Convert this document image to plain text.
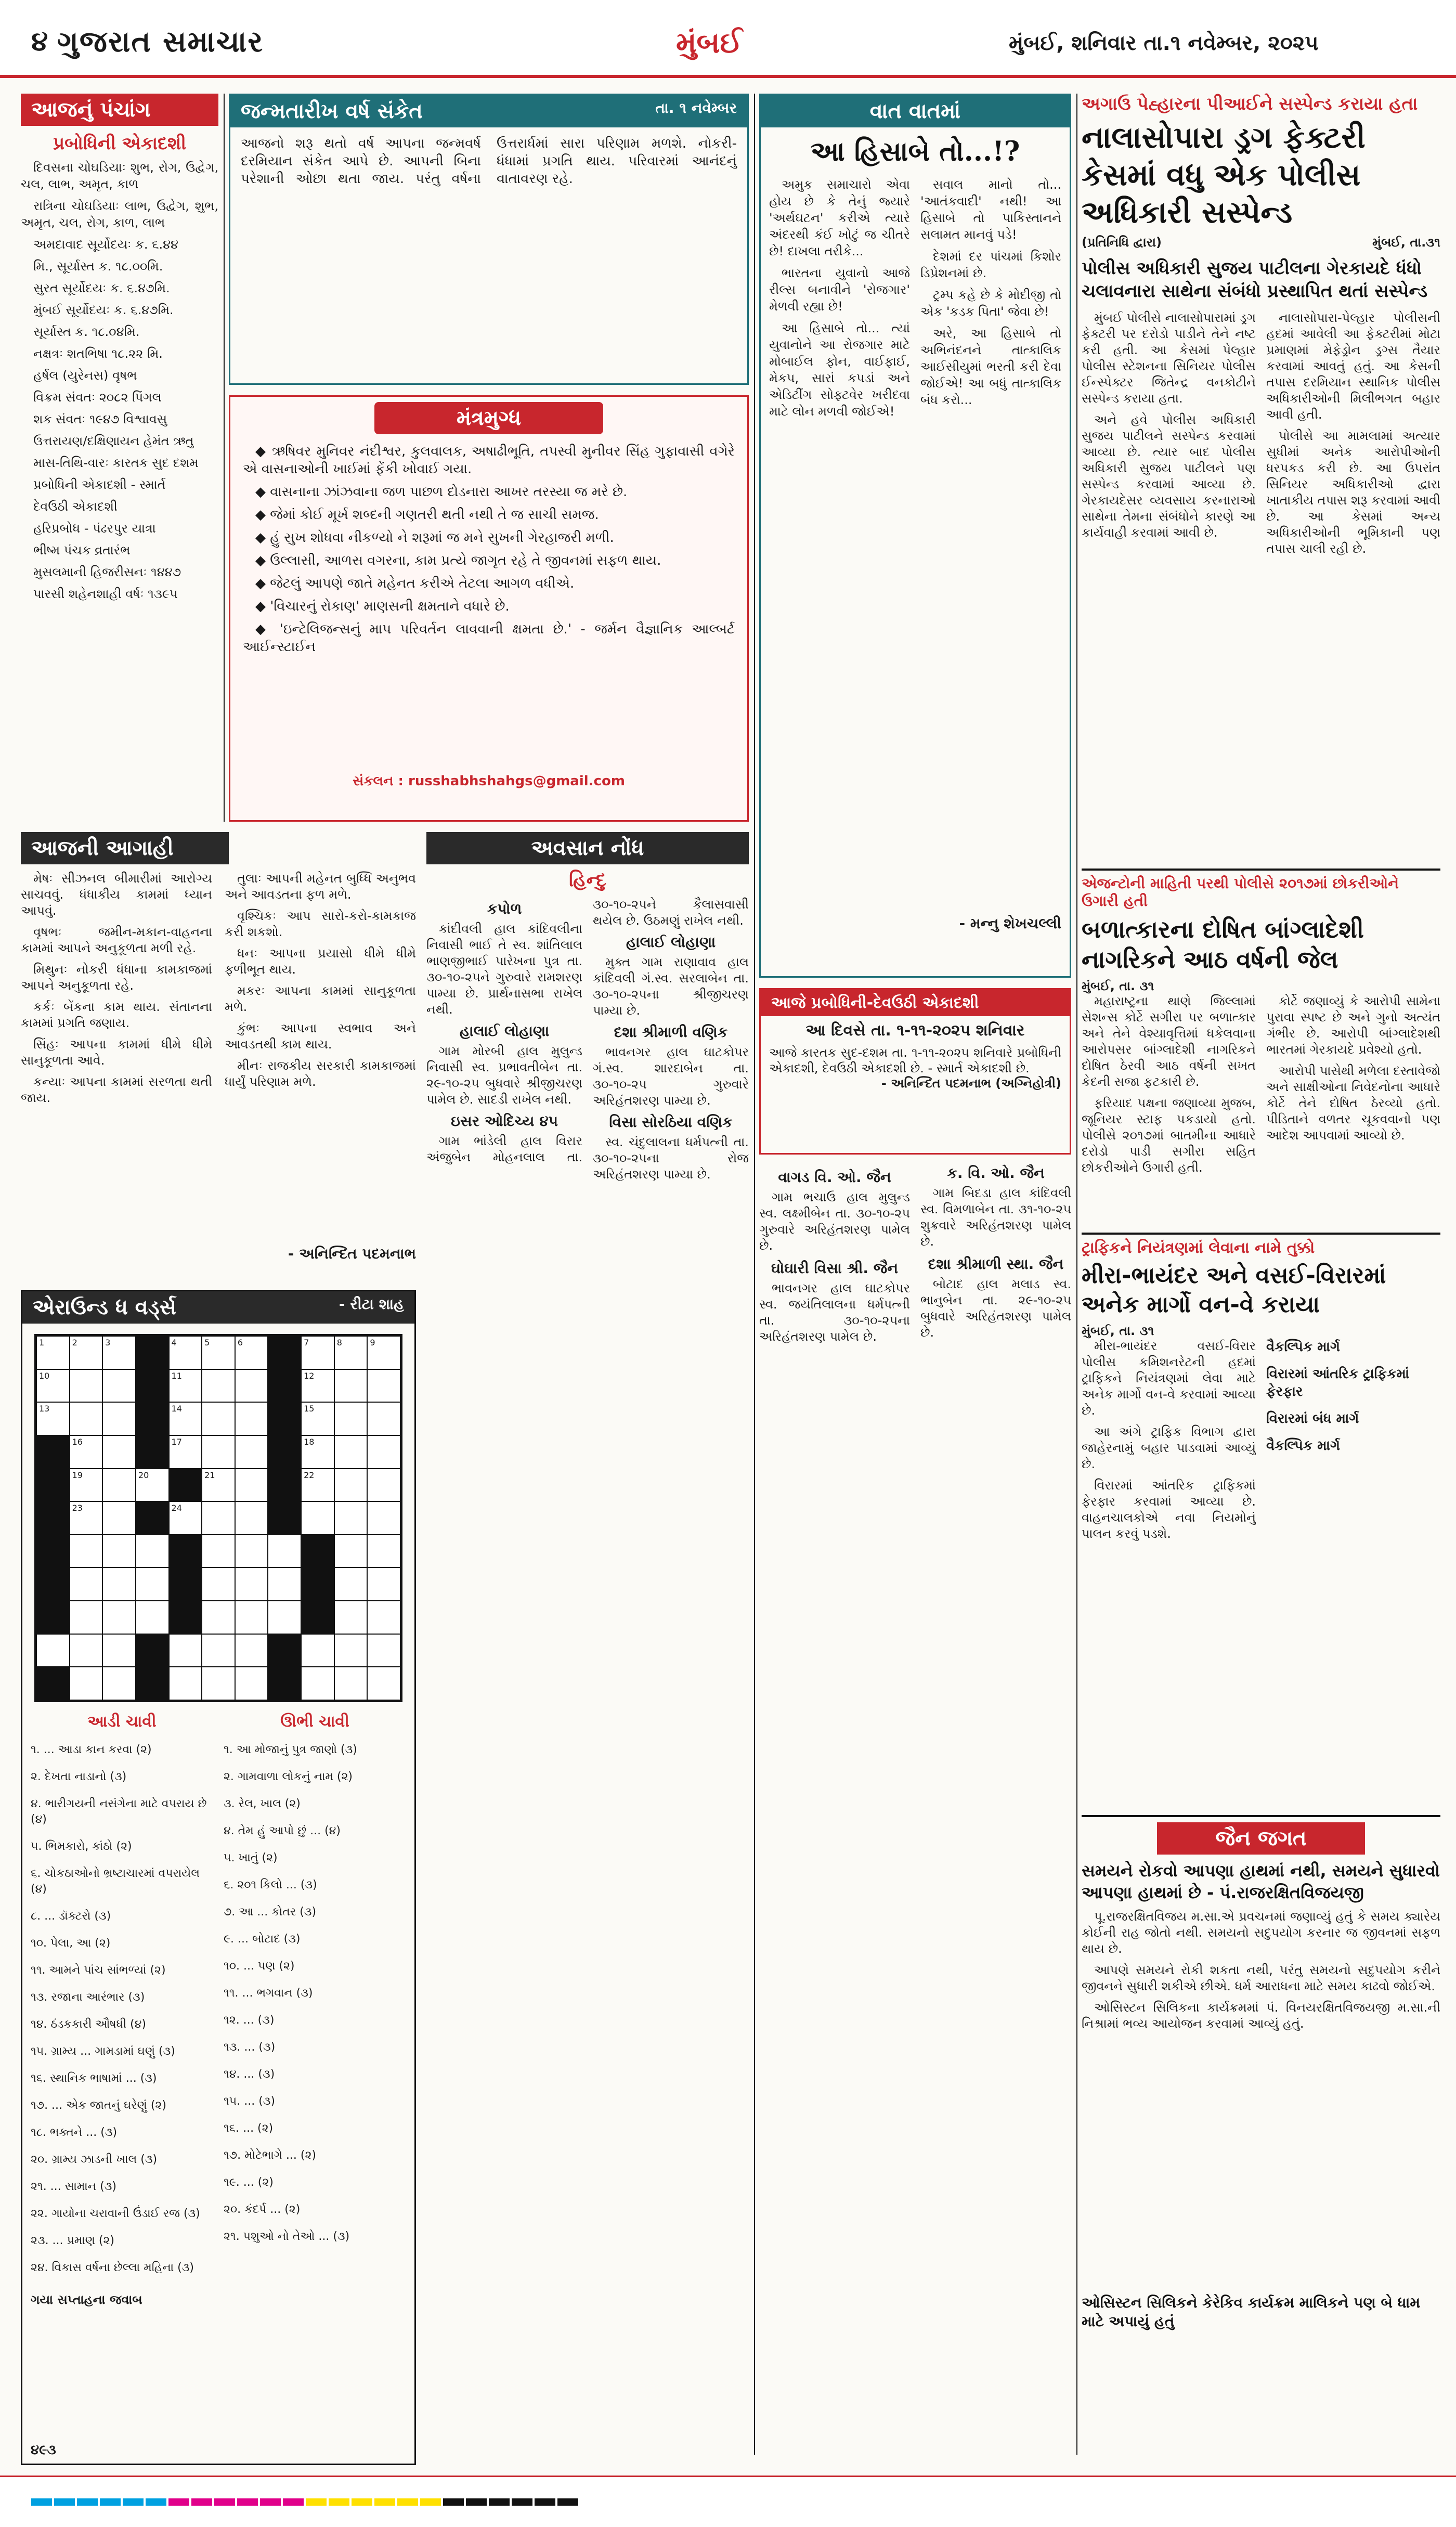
૪ ગુજરાત સમાચાર	મુંબઈ	મુંબઈ, શનિવાર તા.૧ નવેમ્બર, ૨૦૨૫
આજનું પંચાંગ
પ્રબોધિની એકાદશી

દિવસના ચોઘડિયાઃ શુભ, રોગ, ઉદ્વેગ, ચલ, લાભ, અમૃત, કાળ

રાત્રિના ચોઘડિયાઃ લાભ, ઉદ્વેગ, શુભ, અમૃત, ચલ, રોગ, કાળ, લાભ

અમદાવાદ સૂર્યોદયઃ ક. ૬.૪૪

મિ., સૂર્યાસ્ત ક. ૧૮.૦૦મિ.

સુરત સૂર્યોદયઃ ક. ૬.૪૭મિ.

મુંબઈ સૂર્યોદયઃ ક. ૬.૪૭મિ.

સૂર્યાસ્ત ક. ૧૮.૦૪મિ.

નક્ષત્રઃ શતભિષા ૧૮.૨૨ મિ.

હર્ષલ (યુરેનસ) વૃષભ

વિક્રમ સંવતઃ ૨૦૮૨ પિંગલ

શક સંવતઃ ૧૯૪૭ વિશ્વાવસુ

ઉત્તરાયણ/દક્ષિણાયન હેમંત ઋતુ

માસ-તિથિ-વારઃ કારતક સુદ દશમ

પ્રબોધિની એકાદશી - સ્માર્ત

દેવઉઠી એકાદશી

હરિપ્રબોધ - પંઢરપુર યાત્રા

ભીષ્મ પંચક વ્રતારંભ

મુસલમાની હિજરીસનઃ ૧૪૪૭

પારસી શહેનશાહી વર્ષઃ ૧૩૯૫

આજની આગાહી

મેષઃ સીઝનલ બીમારીમાં આરોગ્ય સાચવવું. ધંધાકીય કામમાં ધ્યાન આપવું.

વૃષભઃ જમીન-મકાન-વાહનના કામમાં આપને અનુકૂળતા મળી રહે.

મિથુનઃ નોકરી ધંધાના કામકાજમાં આપને અનુકૂળતા રહે.

કર્કઃ બેંકના કામ થાય. સંતાનના કામમાં પ્રગતિ જણાય.

સિંહઃ આપના કામમાં ધીમે ધીમે સાનુકૂળતા આવે.

કન્યાઃ આપના કામમાં સરળતા થતી જાય.

તુલાઃ આપની મહેનત બુધ્ધિ અનુભવ અને આવડતના ફળ મળે.

વૃશ્ચિકઃ આપ સારો-કરો-કામકાજ કરી શકશો.

ધનઃ આપના પ્રયાસો ધીમે ધીમે ફળીભૂત થાય.

મકરઃ આપના કામમાં સાનુકૂળતા મળે.

કુંભઃ આપના સ્વભાવ અને આવડતથી કામ થાય.

મીનઃ રાજકીય સરકારી કામકાજમાં ધાર્યું પરિણામ મળે.

- અનિન્દિત પદમનાભ
જન્મતારીખ વર્ષ સંકેત	તા. ૧ નવેમ્બર
આજનો શરૂ થતો વર્ષ આપના જન્મવર્ષ દરમિયાન સંકેત આપે છે. આપની બિના પરેશાની ઓછા થતા જાય. પરંતુ વર્ષના ઉત્તરાર્ધમાં સારા પરિણામ મળશે. નોકરી-ધંધામાં પ્રગતિ થાય. પરિવારમાં આનંદનું વાતાવરણ રહે.
મંત્રમુગ્ધ

◆ ઋષિવર મુનિવર નંદીશ્વર, કુલવાલક, અષાઢીભૂતિ, તપસ્વી મુનીવર સિંહ ગુફાવાસી વગેરે એ વાસનાઓની ખાઈમાં ફેંકી ખોવાઈ ગયા.

◆ વાસનાના ઝાંઝવાના જળ પાછળ દોડનારા આખર તરસ્યા જ મરે છે.

◆ જેમાં કોઈ મૂર્ખ શબ્દની ગણતરી થતી નથી તે જ સાચી સમજ.

◆ હું સુખ શોધવા નીકળ્યો ને શરૂમાં જ મને સુખની ગેરહાજરી મળી.

◆ ઉલ્લાસી, આળસ વગરના, કામ પ્રત્યે જાગૃત રહે તે જીવનમાં સફળ થાય.

◆ જેટલું આપણે જાતે મહેનત કરીએ તેટલા આગળ વધીએ.

◆ 'વિચારનું રોકાણ' માણસની ક્ષમતાને વધારે છે.

◆ 'ઇન્ટેલિજન્સનું માપ પરિવર્તન લાવવાની ક્ષમતા છે.' - જર્મન વૈજ્ઞાનિક આલ્બર્ટ આઈન્સ્ટાઈન

સંકલન : russhabhshahgs@gmail.com
અવસાન નોંધ
હિન્દુ
કપોળ

કાંદીવલી હાલ કાંદિવલીના નિવાસી ભાઈ તે સ્વ. શાંતિલાલ ભાણજીભાઈ પારેખના પુત્ર તા. ૩૦-૧૦-૨૫ને ગુરુવારે રામશરણ પામ્યા છે. પ્રાર્થનાસભા રાખેલ નથી.

હાલાઈ લોહાણા

ગામ મોરબી હાલ મુલુન્ડ નિવાસી સ્વ. પ્રભાવતીબેન તા. ૨૯-૧૦-૨૫ બુધવારે શ્રીજીચરણ પામેલ છે. સાદડી રાખેલ નથી.

ઇસર ઓદિચ્ય ૪૫

ગામ ભાંડેલી હાલ વિરાર અંજુબેન મોહનલાલ તા. ૩૦-૧૦-૨૫ને કૈલાસવાસી થયેલ છે. ઉઠમણું રાખેલ નથી.

હાલાઈ લોહાણા

મુક્ત ગામ રાણાવાવ હાલ કાંદિવલી ગં.સ્વ. સરલાબેન તા. ૩૦-૧૦-૨૫ના શ્રીજીચરણ પામ્યા છે.

દશા શ્રીમાળી વણિક

ભાવનગર હાલ ઘાટકોપર ગં.સ્વ. શારદાબેન તા. ૩૦-૧૦-૨૫ ગુરુવારે અરિહંતશરણ પામ્યા છે.

વિસા સોરઠિયા વણિક

સ્વ. ચંદુલાલના ધર્મપત્ની તા. ૩૦-૧૦-૨૫ના રોજ અરિહંતશરણ પામ્યા છે.

એરાઉન્ડ ધ વર્ડ્સ	- રીટા શાહ
1	2	3	4	5	6	7	8	9
10	11	12
13	14	15
16	17	18
19	20	21	22
23	24
આડી ચાવી

૧. ... આડા કાન કરવા (૨)

૨. દેખતા નાડાનો (૩)

૪. ભારીગયની નસંગેના માટે વપરાય છે (૪)

૫. ભિમકારો, કાંઠો (૨)

૬. ચોકઠાઓનો ભ્રષ્ટાચારમાં વપરાયેલ (૪)

૮. ... ડૉક્ટરો (૩)

૧૦. પેલા, આ (૨)

૧૧. આમને પાંચ સાંભળ્યાં (૨)

૧૩. રજાના આરંભાર (૩)

૧૪. ઠંડકકારી ઔષધી (૪)

૧૫. ગ્રામ્ય ... ગામડામાં ઘણું (૩)

૧૬. સ્થાનિક ભાષામાં ... (૩)

૧૭. ... એક જાતનું ઘરેણું (૨)

૧૮. ભક્તને ... (૩)

૨૦. ગ્રામ્ય ઝાડની ખાલ (૩)

૨૧. ... સામાન (૩)

૨૨. ગાયોના ચરાવાની ઉંડાઈ રજ (૩)

૨૩. ... પ્રમાણ (૨)

૨૪. વિકાસ વર્ષના છેલ્લા મહિના (૩)

ઊભી ચાવી

૧. આ મોજાનું પુત્ર જાણો (૩)

૨. ગામવાળા લોકનું નામ (૨)

૩. રેલ, ખાલ (૨)

૪. તેમ હું આપો છું ... (૪)

૫. ખાતું (૨)

૬. ૨૦૧ કિલો ... (૩)

૭. આ ... કોતર (૩)

૯. ... બોટાદ (૩)

૧૦. ... પણ (૨)

૧૧. ... ભગવાન (૩)

૧૨. ... (૩)

૧૩. ... (૩)

૧૪. ... (૩)

૧૫. ... (૩)

૧૬. ... (૨)

૧૭. મોટેભાગે ... (૨)

૧૯. ... (૨)

૨૦. કંદર્પ ... (૨)

૨૧. પશુઓ નો તેઓ ... (૩)

ગયા સપ્તાહના જવાબ
૪૯૩
વાત વાતમાં
આ હિસાબે તો...!?

અમુક સમાચારો એવા હોય છે કે તેનું જ્યારે 'અર્થઘટન' કરીએ ત્યારે અંદરથી કંઈ ખોટું જ ચીતરે છે! દાખલા તરીકે...

ભારતના યુવાનો આજે રીલ્સ બનાવીને 'રોજગાર' મેળવી રહ્યા છે!

આ હિસાબે તો... ત્યાં યુવાનોને આ રોજગાર માટે મોબાઈલ ફોન, વાઈફાઈ, મેકપ, સારાં કપડાં અને એડિટીંગ સોફ્ટવેર ખરીદવા માટે લોન મળવી જોઈએ!

સવાલ માનો તો... 'આતંકવાદી' નથી! આ હિસાબે તો પાકિસ્તાનને સલામત માનવું પડે!

દેશમાં દર પાંચમાં કિશોર ડિપ્રેશનમાં છે.

ટ્રમ્પ કહે છે કે મોદીજી તો એક 'કડક પિતા' જેવા છે!

અરે, આ હિસાબે તો અભિનંદનને તાત્કાલિક આઈસીયુમાં ભરતી કરી દેવા જોઈએ! આ બધું તાત્કાલિક બંધ કરો...

- મન્નુ શેખચલ્લી
આજે પ્રબોધિની-દેવઉઠી એકાદશી
આ દિવસે તા. ૧-૧૧-૨૦૨૫ શનિવાર
આજે કારતક સુદ-દશમ તા. ૧-૧૧-૨૦૨૫ શનિવારે પ્રબોધિની એકાદશી, દેવઉઠી એકાદશી છે. - સ્માર્ત એકાદશી છે.
- અનિન્દિત પદમનાભ (અગ્નિહોત્રી)
વાગડ વિ. ઓ. જૈન

ગામ ભચાઉ હાલ મુલુન્ડ સ્વ. લક્ષ્મીબેન તા. ૩૦-૧૦-૨૫ ગુરુવારે અરિહંતશરણ પામેલ છે.

ઘોઘારી વિસા શ્રી. જૈન

ભાવનગર હાલ ઘાટકોપર સ્વ. જયંતિલાલના ધર્મપત્ની તા. ૩૦-૧૦-૨૫ના અરિહંતશરણ પામેલ છે.

ક. વિ. ઓ. જૈન

ગામ બિદડા હાલ કાંદિવલી સ્વ. વિમળાબેન તા. ૩૧-૧૦-૨૫ શુક્રવારે અરિહંતશરણ પામેલ છે.

દશા શ્રીમાળી સ્થા. જૈન

બોટાદ હાલ મલાડ સ્વ. ભાનુબેન તા. ૨૯-૧૦-૨૫ બુધવારે અરિહંતશરણ પામેલ છે.

અગાઉ પેહ્હારના પીઆઈને સસ્પેન્ડ કરાયા હતા
નાલાસોપારા ડ્રગ ફેક્ટરી કેસમાં વધુ એક પોલીસ અધિકારી સસ્પેન્ડ
(પ્રતિનિધિ દ્વારા)	મુંબઈ, તા.૩૧
પોલીસ અધિકારી સુજય પાટીલના ગેરકાયદે ધંધો ચલાવનારા સાથેના સંબંધો પ્રસ્થાપિત થતાં સસ્પેન્ડ

મુંબઈ પોલીસે નાલાસોપારામાં ડ્રગ ફેક્ટરી પર દરોડો પાડીને તેને નષ્ટ કરી હતી. આ કેસમાં પેલ્હાર પોલીસ સ્ટેશનના સિનિયર પોલીસ ઈન્સ્પેક્ટર જિતેન્દ્ર વનકોટીને સસ્પેન્ડ કરાયા હતા.

અને હવે પોલીસ અધિકારી સુજય પાટીલને સસ્પેન્ડ કરવામાં આવ્યા છે. ત્યાર બાદ પોલીસ અધિકારી સુજય પાટીલને પણ સસ્પેન્ડ કરવામાં આવ્યા છે. ગેરકાયદેસર વ્યવસાય કરનારાઓ સાથેના તેમના સંબંધોને કારણે આ કાર્યવાહી કરવામાં આવી છે.

નાલાસોપારા-પેલ્હાર પોલીસની હદમાં આવેલી આ ફેક્ટરીમાં મોટા પ્રમાણમાં મેફેડ્રોન ડ્રગ્સ તૈયાર કરવામાં આવતું હતું. આ કેસની તપાસ દરમિયાન સ્થાનિક પોલીસ અધિકારીઓની મિલીભગત બહાર આવી હતી.

પોલીસે આ મામલામાં અત્યાર સુધીમાં અનેક આરોપીઓની ધરપકડ કરી છે. આ ઉપરાંત સિનિયર અધિકારીઓ દ્વારા ખાતાકીય તપાસ શરૂ કરવામાં આવી છે. આ કેસમાં અન્ય અધિકારીઓની ભૂમિકાની પણ તપાસ ચાલી રહી છે.

એજન્ટોની માહિતી પરથી પોલીસે ૨૦૧૭માં છોકરીઓને ઉગારી હતી
બળાત્કારના દોષિત બાંગ્લાદેશી નાગરિકને આઠ વર્ષની જેલ
મુંબઈ, તા. ૩૧

મહારાષ્ટ્રના થાણે જિલ્લામાં સેશન્સ કોર્ટે સગીરા પર બળાત્કાર અને તેને વેશ્યાવૃત્તિમાં ધકેલવાના આરોપસર બાંગ્લાદેશી નાગરિકને દોષિત ઠેરવી આઠ વર્ષની સખત કેદની સજા ફટકારી છે.

ફરિયાદ પક્ષના જણાવ્યા મુજબ, જૂનિયર સ્ટાફ પકડાયો હતો. પોલીસે ૨૦૧૭માં બાતમીના આધારે દરોડો પાડી સગીરા સહિત છોકરીઓને ઉગારી હતી.

કોર્ટે જણાવ્યું કે આરોપી સામેના પુરાવા સ્પષ્ટ છે અને ગુનો અત્યંત ગંભીર છે. આરોપી બાંગ્લાદેશથી ભારતમાં ગેરકાયદે પ્રવેશ્યો હતો.

આરોપી પાસેથી મળેલા દસ્તાવેજો અને સાક્ષીઓના નિવેદનોના આધારે કોર્ટે તેને દોષિત ઠેરવ્યો હતો. પીડિતાને વળતર ચૂકવવાનો પણ આદેશ આપવામાં આવ્યો છે.

ટ્રાફિકને નિયંત્રણમાં લેવાના નામે તુક્કો
મીરા-ભાયંદર અને વસઈ-વિરારમાં અનેક માર્ગો વન-વે કરાયા
મુંબઈ, તા. ૩૧

મીરા-ભાયંદર વસઈ-વિરાર પોલીસ કમિશનરેટની હદમાં ટ્રાફિકને નિયંત્રણમાં લેવા માટે અનેક માર્ગો વન-વે કરવામાં આવ્યા છે.

આ અંગે ટ્રાફિક વિભાગ દ્વારા જાહેરનામું બહાર પાડવામાં આવ્યું છે.

વિરારમાં આંતરિક ટ્રાફિકમાં ફેરફાર કરવામાં આવ્યા છે. વાહનચાલકોએ નવા નિયમોનું પાલન કરવું પડશે.

વૈકલ્પિક માર્ગ
વિરારમાં આંતરિક ટ્રાફિકમાં ફેરફાર
વિરારમાં બંધ માર્ગ
વૈકલ્પિક માર્ગ
જૈન જગત
સમયને રોકવો આપણા હાથમાં નથી, સમયને સુધારવો આપણા હાથમાં છે - પં.રાજરક્ષિતવિજયજી

પૂ.રાજરક્ષિતવિજય મ.સા.એ પ્રવચનમાં જણાવ્યું હતું કે સમય ક્યારેય કોઈની રાહ જોતો નથી. સમયનો સદુપયોગ કરનાર જ જીવનમાં સફળ થાય છે.

આપણે સમયને રોકી શકતા નથી, પરંતુ સમયનો સદુપયોગ કરીને જીવનને સુધારી શકીએ છીએ. ધર્મ આરાધના માટે સમય કાઢવો જોઈએ.

ઓસિસ્ટન સિલિકના કાર્યક્રમમાં પં. વિનયરક્ષિતવિજયજી મ.સા.ની નિશ્રામાં ભવ્ય આયોજન કરવામાં આવ્યું હતું.

ઓસિસ્ટન સિલિકને કેરેકિવ કાર્યક્રમ માલિકને પણ બે ધામ માટે અપાયું હતું
